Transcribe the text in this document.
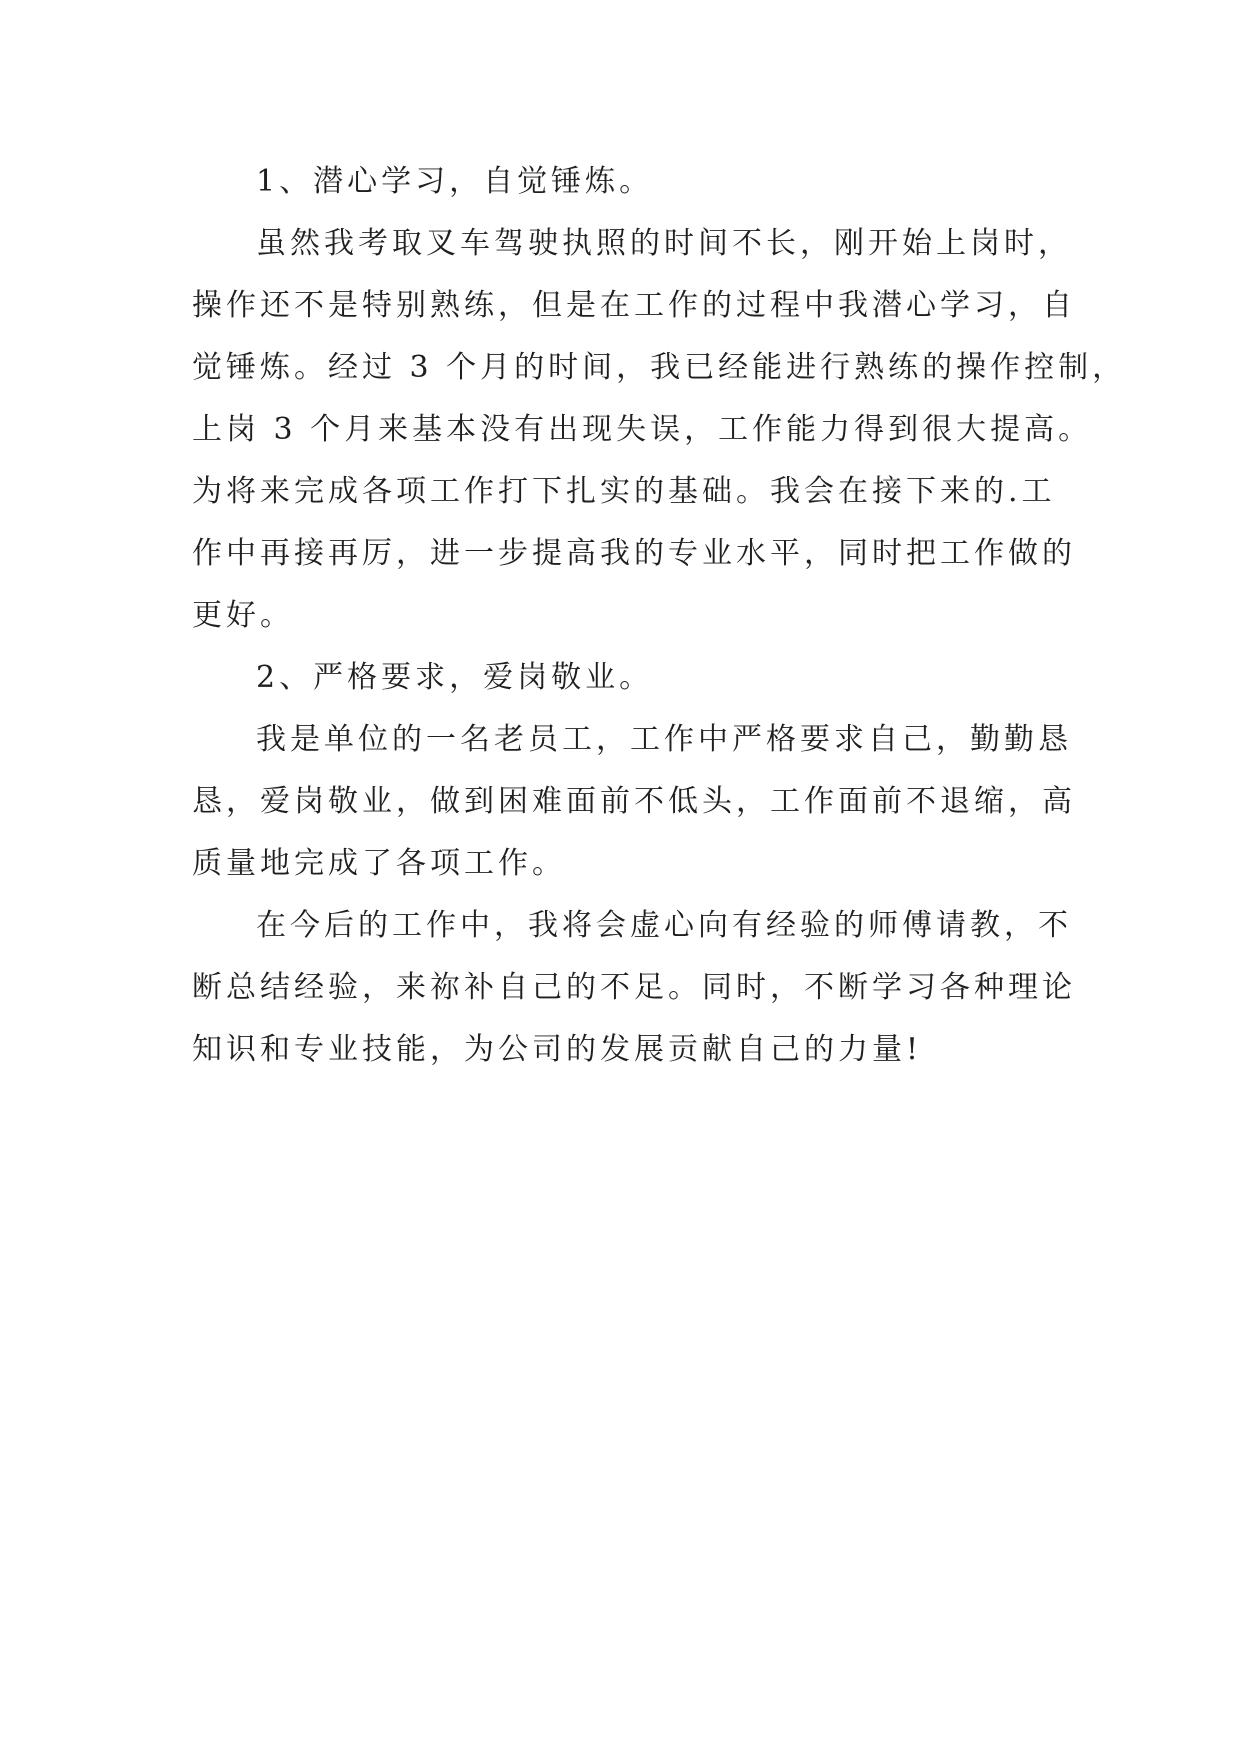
1、潜心学习，自觉锤炼。
虽然我考取叉车驾驶执照的时间不长，刚开始上岗时，
操作还不是特别熟练，但是在工作的过程中我潜心学习，自
觉锤炼。经过 3 个月的时间，我已经能进行熟练的操作控制，
上岗 3 个月来基本没有出现失误，工作能力得到很大提高。
为将来完成各项工作打下扎实的基础。我会在接下来的.工
作中再接再厉，进一步提高我的专业水平，同时把工作做的
更好。
2、严格要求，爱岗敬业。
我是单位的一名老员工，工作中严格要求自己，勤勤恳
恳，爱岗敬业，做到困难面前不低头，工作面前不退缩，高
质量地完成了各项工作。
在今后的工作中，我将会虚心向有经验的师傅请教，不
断总结经验，来祢补自己的不足。同时，不断学习各种理论
知识和专业技能，为公司的发展贡献自己的力量!
